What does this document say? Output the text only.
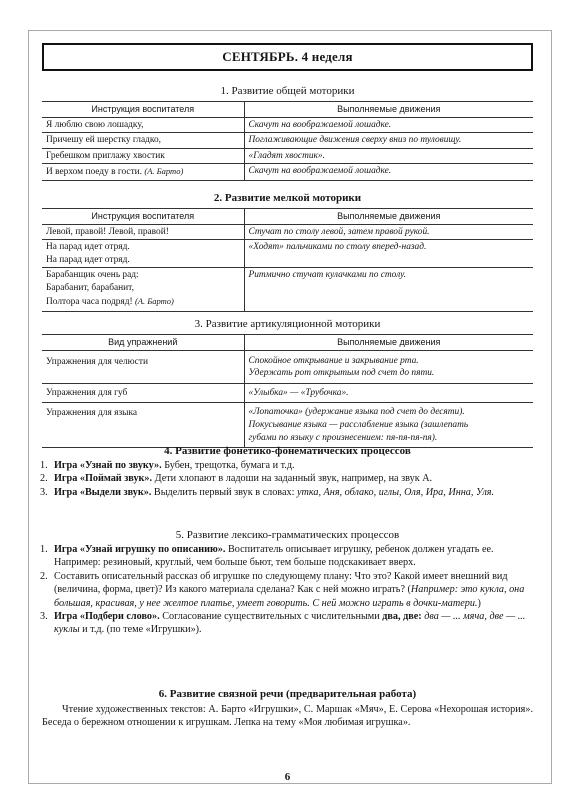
СЕНТЯБРЬ. 4 неделя
1. Развитие общей моторики
Инструкция воспитателя	Выполняемые движения
Я люблю свою лошадку,	Скачут на воображаемой лошадке.
Причешу ей шерстку гладко,	Поглаживающие движения сверху вниз по туловищу.
Гребешком приглажу хвостик	«Гладят хвостик».
И верхом поеду в гости. (А. Барто)	Скачут на воображаемой лошадке.
2. Развитие мелкой моторики
Инструкция воспитателя	Выполняемые движения
Левой, правой! Левой, правой!	Стучат по столу левой, затем правой рукой.

На парад идет отряд.
На парад идет отряд.	«Ходят» пальчиками по столу вперед-назад.

Барабанщик очень рад:
Барабанит, барабанит,
Полтора часа подряд! (А. Барто)	Ритмично стучат кулачками по столу.
3. Развитие артикуляционной моторики
Вид упражнений	Выполняемые движения
Упражнения для челюсти	Спокойное открывание и закрывание рта.
Удержать рот открытым под счет до пяти.

Упражнения для губ	«Улыбка» — «Трубочка».
Упражнения для языка	«Лопаточка» (удержание языка под счет до десяти).
Покусывание языка — расслабление языка (зашлепать
губами по языку с произнесением: пя-пя-пя-пя).
4. Развитие фонетико-фонематических процессов

1. Игра «Узнай по звуку». Бубен, трещотка, бумага и т.д.

2. Игра «Поймай звук». Дети хлопают в ладоши на заданный звук, например, на звук А.

3. Игра «Выдели звук». Выделить первый звук в словах: утка, Аня, облако, иглы, Оля, Ира, Инна, Уля.

5. Развитие лексико-грамматических процессов

1. Игра «Узнай игрушку по описанию». Воспитатель описывает игрушку, ребенок должен угадать ее. Например: резиновый, круглый, чем больше бьют, тем больше подскакивает вверх.

2. Составить описательный рассказ об игрушке по следующему плану: Что это? Какой имеет внешний вид (величина, форма, цвет)? Из какого материала сделана? Как с ней можно играть? (Например: это кукла, она большая, красивая, у нее желтое платье, умеет говорить. С ней можно играть в дочки-матери.)

3. Игра «Подбери слово». Согласование существительных с числительными два, две: два — ... мячa, две — ... куклы и т.д. (по теме «Игрушки»).

6. Развитие связной речи (предварительная работа)
Чтение художественных текстов: А. Барто «Игрушки», С. Маршак «Мяч», Е. Серова «Нехорошая история». Беседа о бережном отношении к игрушкам. Лепка на тему «Моя любимая игрушка».
6
